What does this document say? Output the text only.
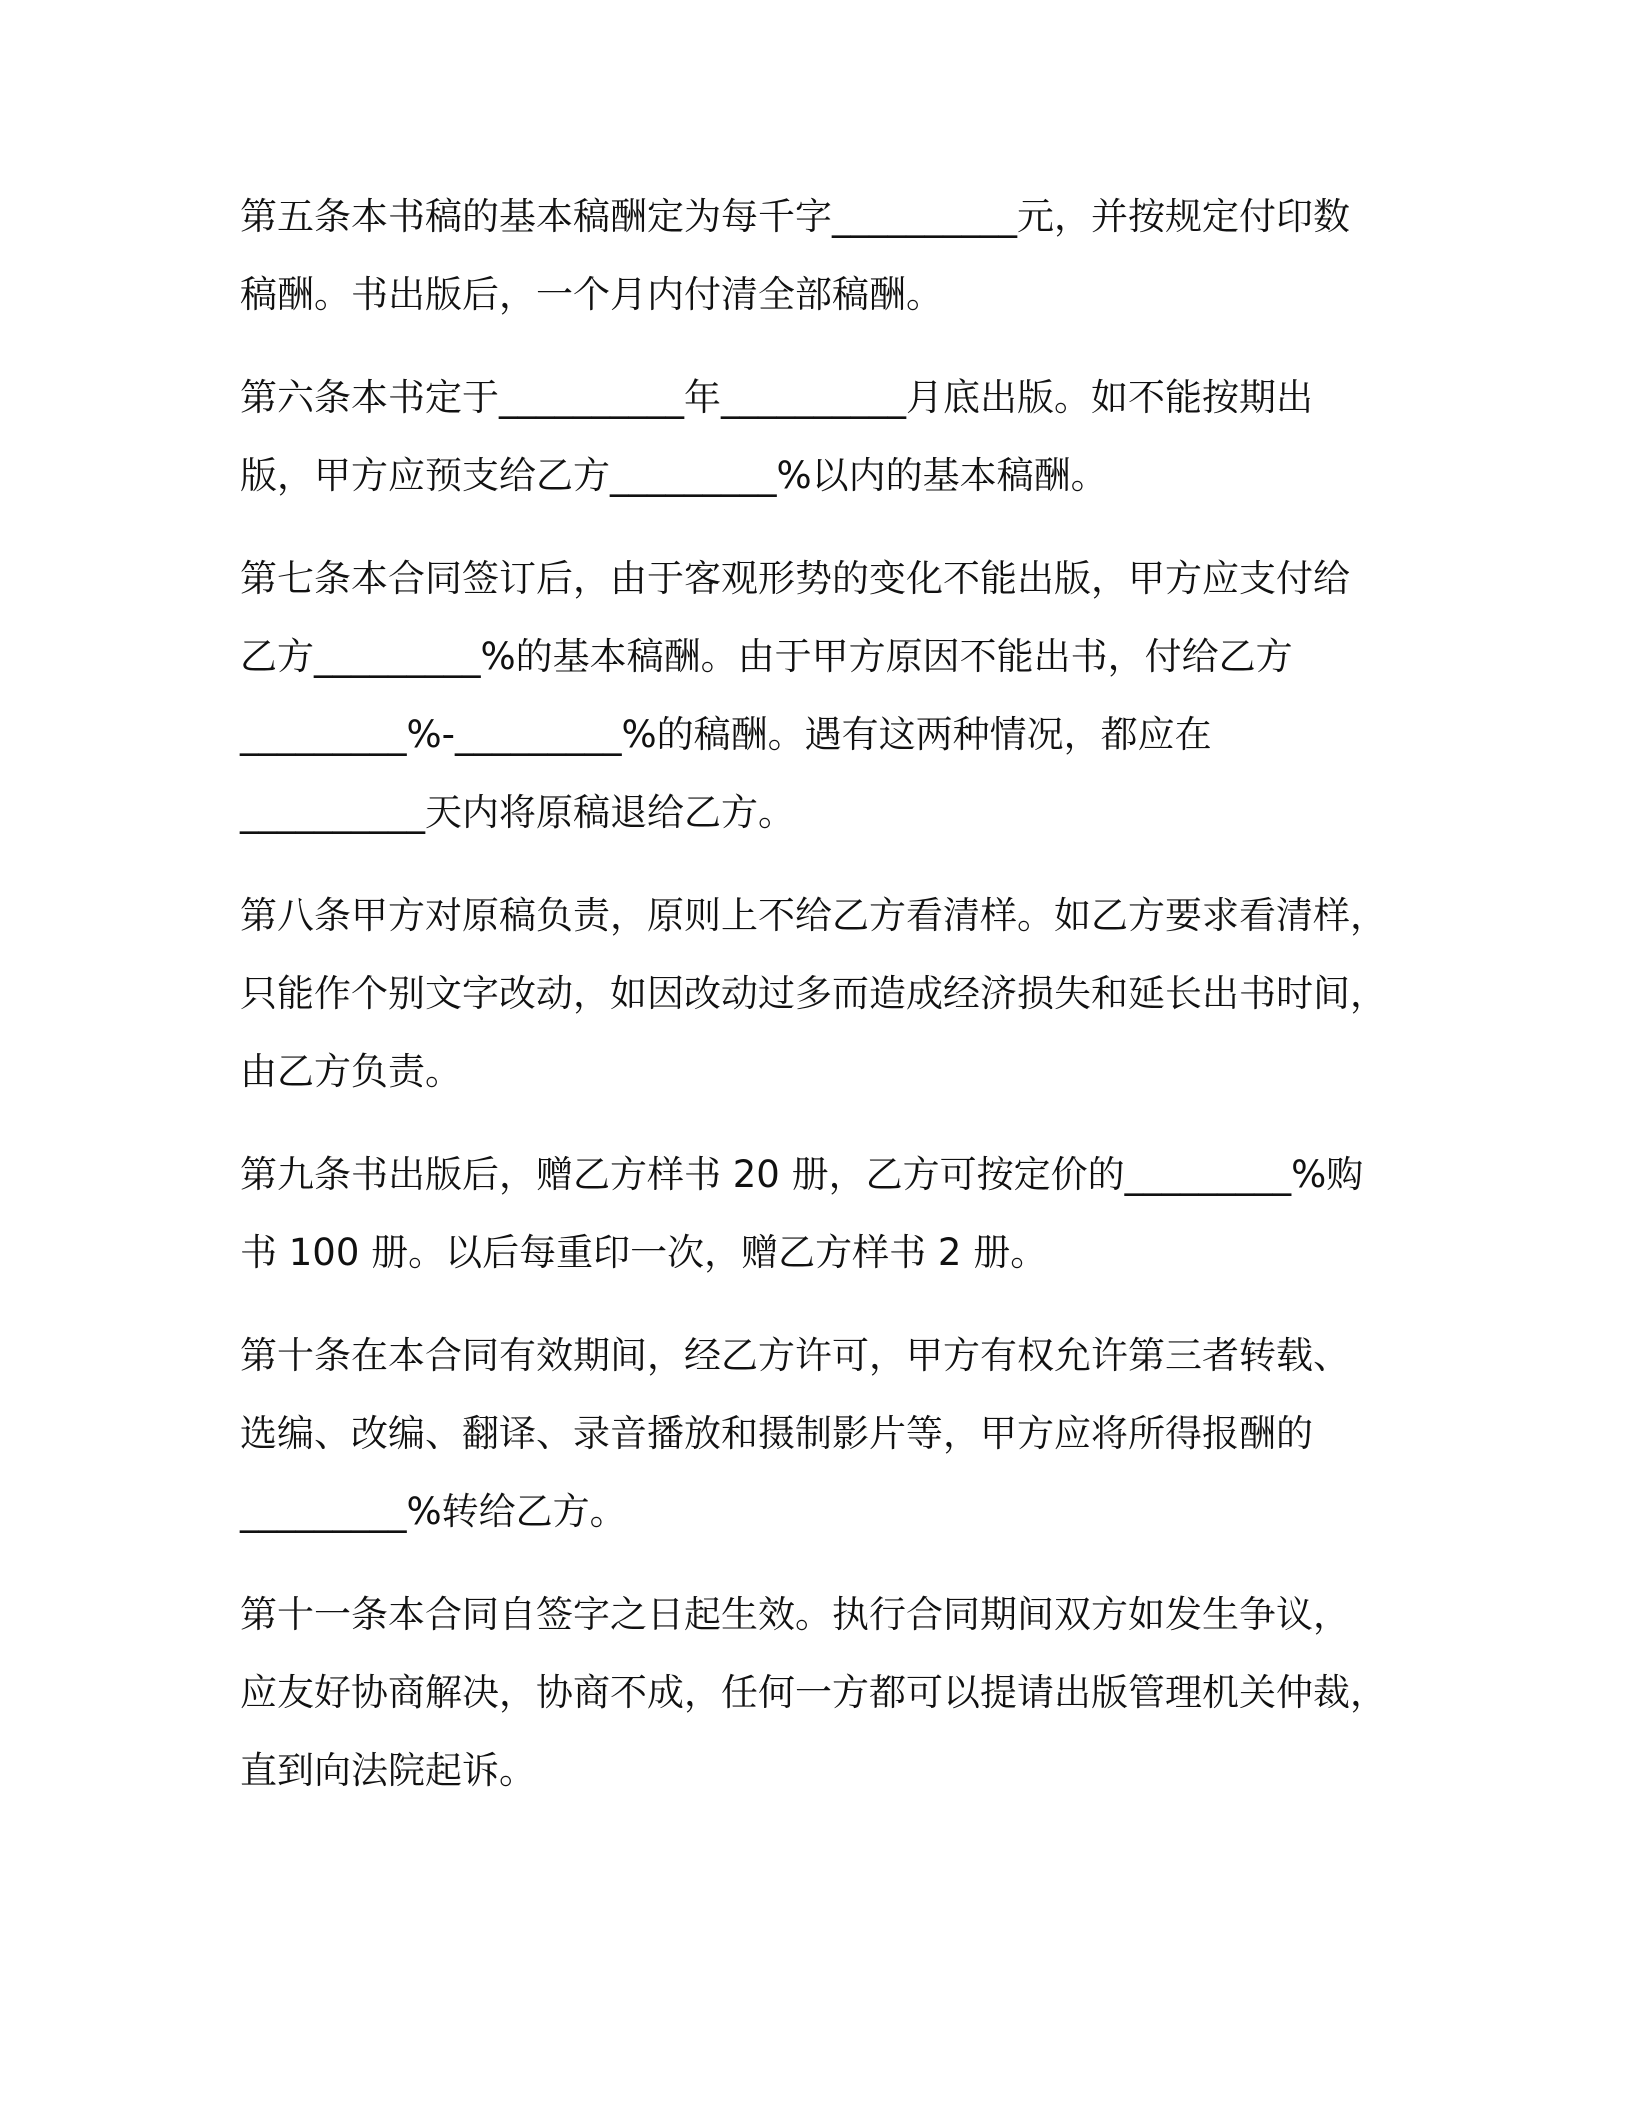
第五条本书稿的基本稿酬定为每千字__________元，并按规定付印数
稿酬。书出版后，一个月内付清全部稿酬。
第六条本书定于__________年__________月底出版。如不能按期出
版，甲方应预支给乙方_________%以内的基本稿酬。
第七条本合同签订后，由于客观形势的变化不能出版，甲方应支付给
乙方_________%的基本稿酬。由于甲方原因不能出书，付给乙方
_________%-_________%的稿酬。遇有这两种情况，都应在
__________天内将原稿退给乙方。
第八条甲方对原稿负责，原则上不给乙方看清样。如乙方要求看清样，
只能作个别文字改动，如因改动过多而造成经济损失和延长出书时间，
由乙方负责。
第九条书出版后，赠乙方样书 20 册，乙方可按定价的_________%购
书 100 册。以后每重印一次，赠乙方样书 2 册。
第十条在本合同有效期间，经乙方许可，甲方有权允许第三者转载、
选编、改编、翻译、录音播放和摄制影片等，甲方应将所得报酬的
_________%转给乙方。
第十一条本合同自签字之日起生效。执行合同期间双方如发生争议，
应友好协商解决，协商不成，任何一方都可以提请出版管理机关仲裁，
直到向法院起诉。
